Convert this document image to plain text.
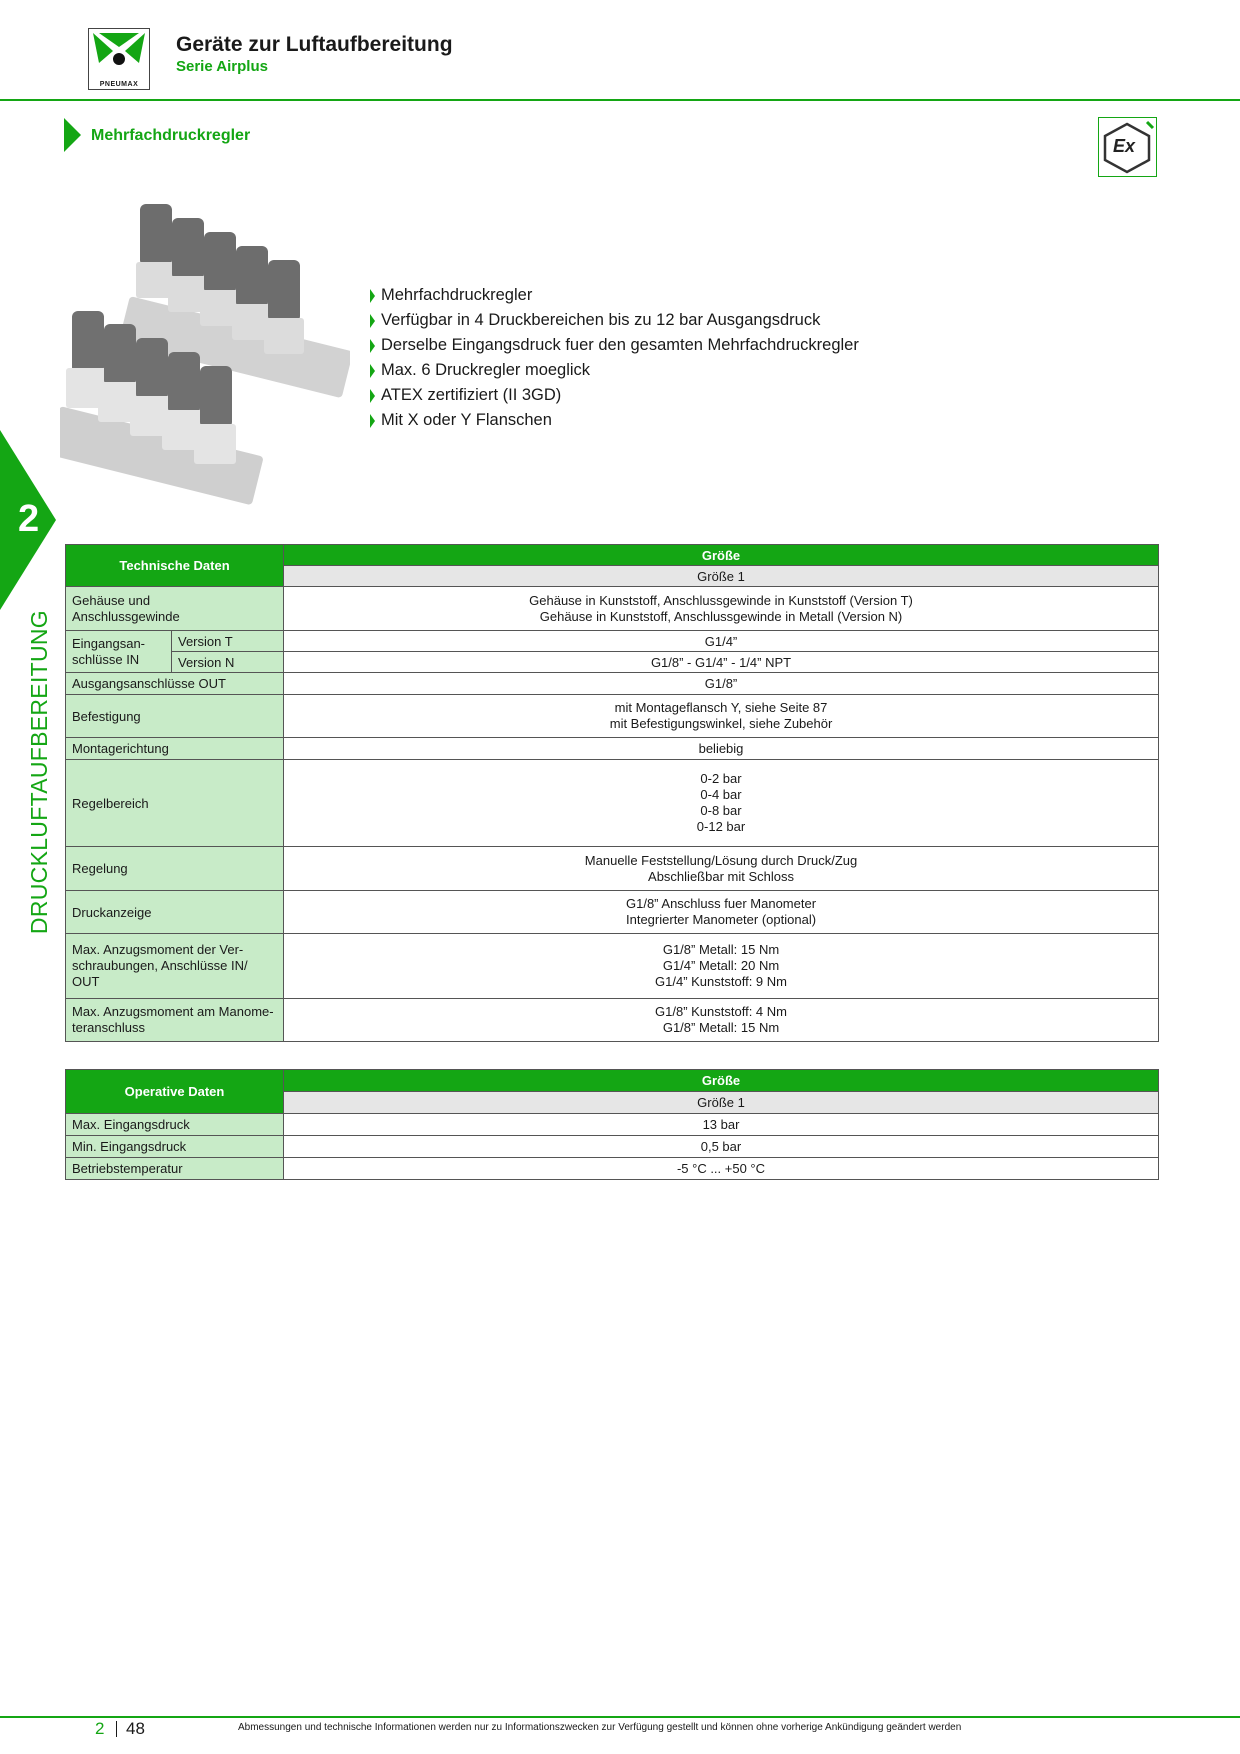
PNEUMAX
Geräte zur Luftaufbereitung
Serie Airplus
Mehrfachdruckregler
Ex
Mehrfachdruckregler
Verfügbar in 4 Druckbereichen bis zu 12 bar Ausgangsdruck
Derselbe Eingangsdruck fuer den gesamten Mehrfachdruckregler
Max. 6 Druckregler moeglick
ATEX zertifiziert (II 3GD)
Mit X oder Y Flanschen
2
DRUCKLUFTAUFBEREITUNG
Technische Daten		Größe
		Größe 1

Gehäuse und
Anschlussgewinde		Gehäuse in Kunststoff, Anschlussgewinde in Kunststoff (Version T)
Gehäuse in Kunststoff, Anschlussgewinde in Metall (Version N)

Eingangsan-
schlüsse IN	Version T	G1/4”
	Version N	G1/8” - G1/4” - 1/4” NPT
Ausgangsanschlüsse OUT		G1/8”
Befestigung		mit Montageflansch Y, siehe Seite 87
mit Befestigungswinkel, siehe Zubehör

Montagerichtung		beliebig
Regelbereich		0-2 bar
0-4 bar
0-8 bar
0-12 bar

Regelung		Manuelle Feststellung/Lösung durch Druck/Zug
Abschließbar mit Schloss

Druckanzeige		G1/8” Anschluss fuer Manometer
Integrierter Manometer (optional)

Max. Anzugsmoment der Ver-
schraubungen, Anschlüsse IN/
OUT		G1/8” Metall: 15 Nm
G1/4” Metall: 20 Nm
G1/4” Kunststoff: 9 Nm

Max. Anzugsmoment am Manome-
teranschluss		G1/8” Kunststoff: 4 Nm
G1/8” Metall: 15 Nm
Operative Daten	Größe
	Größe 1
Max. Eingangsdruck	13 bar
Min. Eingangsdruck	0,5 bar
Betriebstemperatur	-5 °C ... +50 °C
2 48	Abmessungen und technische Informationen werden nur zu Informationszwecken zur Verfügung gestellt und können ohne vorherige Ankündigung geändert werden
